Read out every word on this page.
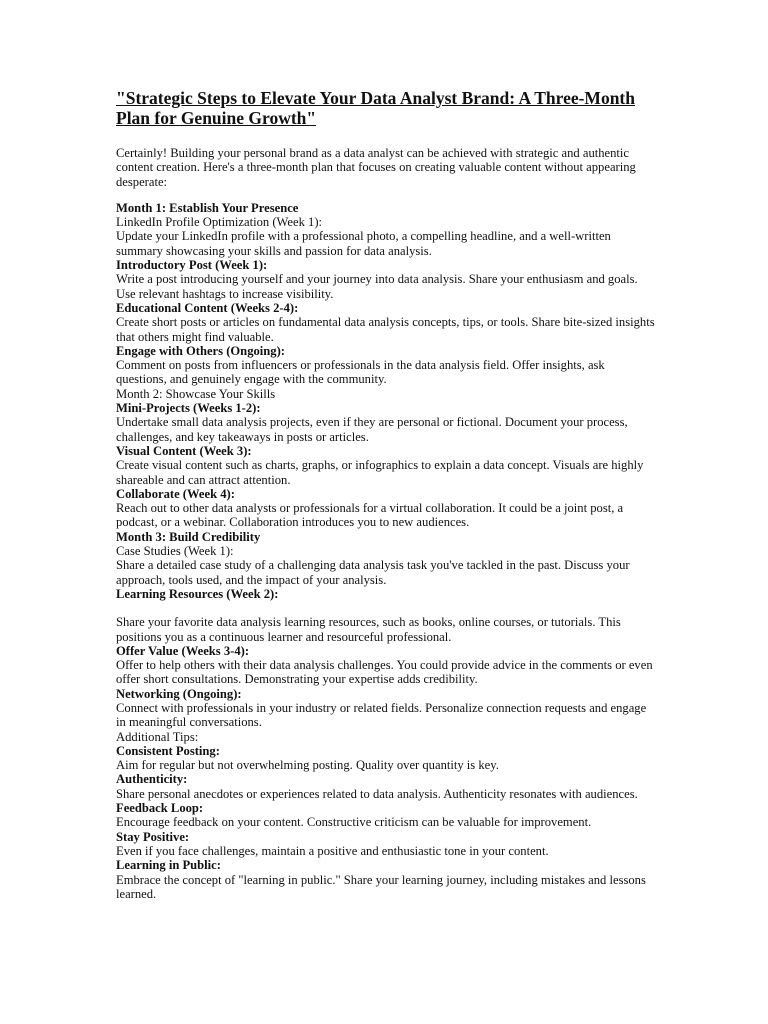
"Strategic Steps to Elevate Your Data Analyst Brand: A Three-Month Plan for Genuine Growth"

Certainly! Building your personal brand as a data analyst can be achieved with strategic and authentic content creation. Here's a three-month plan that focuses on creating valuable content without appearing desperate:

Month 1: Establish Your Presence

LinkedIn Profile Optimization (Week 1):

Update your LinkedIn profile with a professional photo, a compelling headline, and a well-written summary showcasing your skills and passion for data analysis.

Introductory Post (Week 1):

Write a post introducing yourself and your journey into data analysis. Share your enthusiasm and goals. Use relevant hashtags to increase visibility.

Educational Content (Weeks 2-4):

Create short posts or articles on fundamental data analysis concepts, tips, or tools. Share bite-sized insights that others might find valuable.

Engage with Others (Ongoing):

Comment on posts from influencers or professionals in the data analysis field. Offer insights, ask questions, and genuinely engage with the community.

Month 2: Showcase Your Skills

Mini-Projects (Weeks 1-2):

Undertake small data analysis projects, even if they are personal or fictional. Document your process, challenges, and key takeaways in posts or articles.

Visual Content (Week 3):

Create visual content such as charts, graphs, or infographics to explain a data concept. Visuals are highly shareable and can attract attention.

Collaborate (Week 4):

Reach out to other data analysts or professionals for a virtual collaboration. It could be a joint post, a podcast, or a webinar. Collaboration introduces you to new audiences.

Month 3: Build Credibility

Case Studies (Week 1):

Share a detailed case study of a challenging data analysis task you've tackled in the past. Discuss your approach, tools used, and the impact of your analysis.

Learning Resources (Week 2):

Share your favorite data analysis learning resources, such as books, online courses, or tutorials. This positions you as a continuous learner and resourceful professional.

Offer Value (Weeks 3-4):

Offer to help others with their data analysis challenges. You could provide advice in the comments or even offer short consultations. Demonstrating your expertise adds credibility.

Networking (Ongoing):

Connect with professionals in your industry or related fields. Personalize connection requests and engage in meaningful conversations.

Additional Tips:

Consistent Posting:

Aim for regular but not overwhelming posting. Quality over quantity is key.

Authenticity:

Share personal anecdotes or experiences related to data analysis. Authenticity resonates with audiences.

Feedback Loop:

Encourage feedback on your content. Constructive criticism can be valuable for improvement.

Stay Positive:

Even if you face challenges, maintain a positive and enthusiastic tone in your content.

Learning in Public:

Embrace the concept of "learning in public." Share your learning journey, including mistakes and lessons learned.
